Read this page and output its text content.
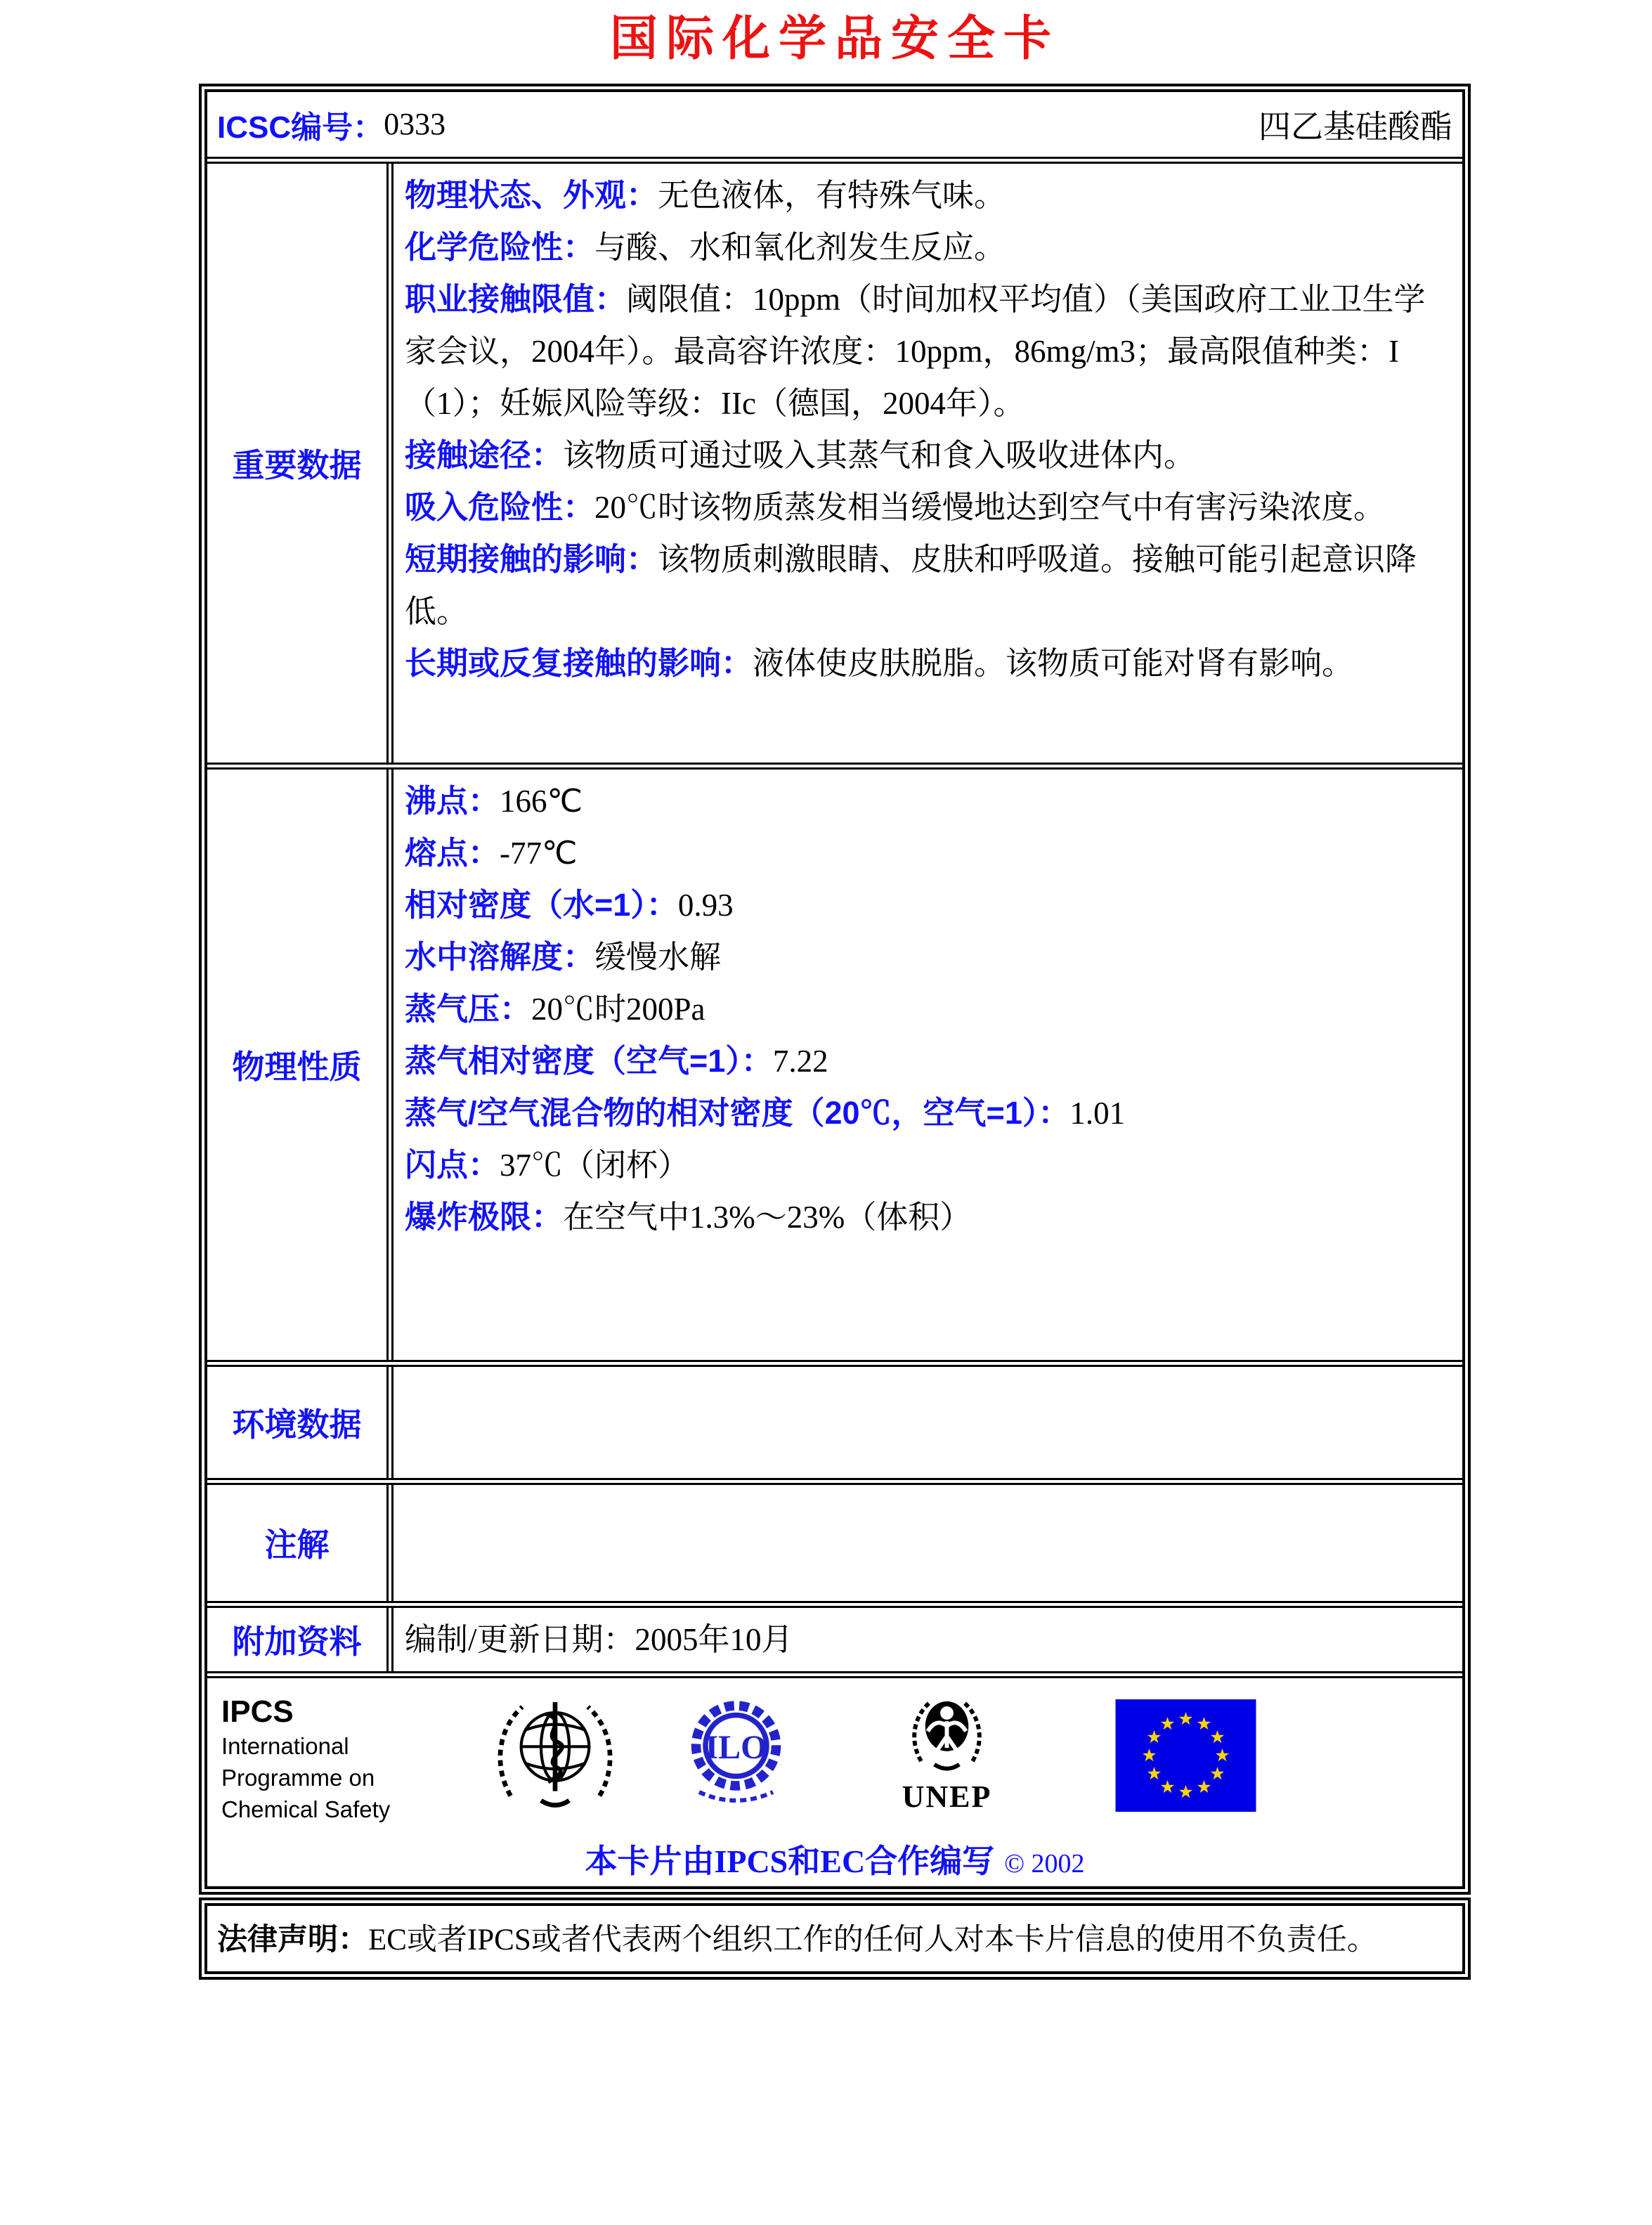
国际化学品安全卡
ICSC编号： 0333	四乙基硅酸酯
重要数据

物理状态、外观：无色液体，有特殊气味。

化学危险性：与酸、水和氧化剂发生反应。

职业接触限值：阈限值：10ppm（时间加权平均值）（美国政府工业卫生学家会议，2004年）。最高容许浓度：10ppm，86mg/m3；最高限值种类：I（1）；妊娠风险等级：IIc（德国，2004年）。

接触途径：该物质可通过吸入其蒸气和食入吸收进体内。

吸入危险性：20℃时该物质蒸发相当缓慢地达到空气中有害污染浓度。

短期接触的影响：该物质刺激眼睛、皮肤和呼吸道。接触可能引起意识降低。

长期或反复接触的影响：液体使皮肤脱脂。该物质可能对肾有影响。

物理性质

沸点：166℃

熔点：-77℃

相对密度（水=1）：0.93

水中溶解度：缓慢水解

蒸气压：20℃时200Pa

蒸气相对密度（空气=1）：7.22

蒸气/空气混合物的相对密度（20℃，空气=1）：1.01

闪点：37℃（闭杯）

爆炸极限：在空气中1.3%～23%（体积）

环境数据
注解
附加资料	编制/更新日期：2005年10月
IPCS
International
Programme on
Chemical Safety
ILO
UNEP
本卡片由IPCS和EC合作编写 © 2002
法律声明：EC或者IPCS或者代表两个组织工作的任何人对本卡片信息的使用不负责任。
